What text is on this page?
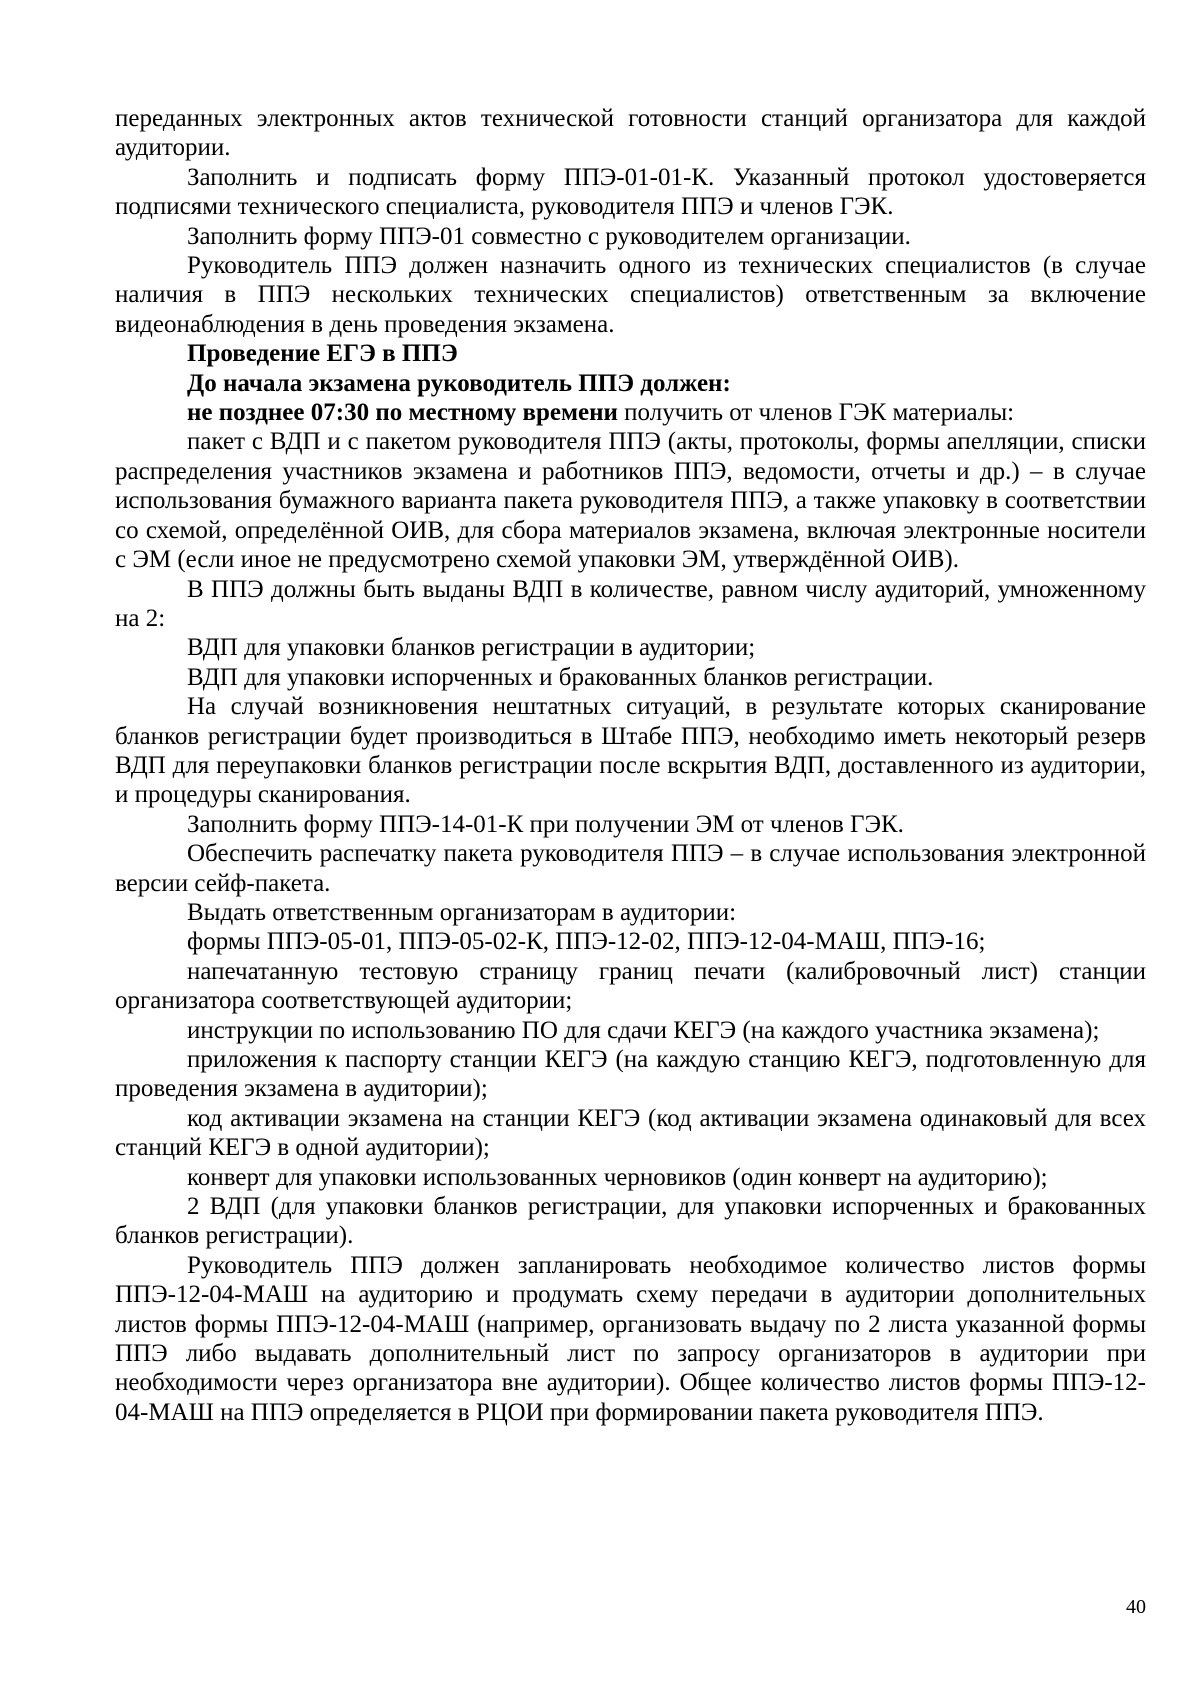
переданных электронных актов технической готовности станций организатора для каждой аудитории.

Заполнить и подписать форму ППЭ-01-01-К. Указанный протокол удостоверяется подписями технического специалиста, руководителя ППЭ и членов ГЭК.

Заполнить форму ППЭ-01 совместно с руководителем организации.

Руководитель ППЭ должен назначить одного из технических специалистов (в случае наличия в ППЭ нескольких технических специалистов) ответственным за включение видеонаблюдения в день проведения экзамена.

Проведение ЕГЭ в ППЭ

До начала экзамена руководитель ППЭ должен:

не позднее 07:30 по местному времени получить от членов ГЭК материалы:

пакет с ВДП и с пакетом руководителя ППЭ (акты, протоколы, формы апелляции, списки распределения участников экзамена и работников ППЭ, ведомости, отчеты и др.) – в случае использования бумажного варианта пакета руководителя ППЭ, а также упаковку в соответствии со схемой, определённой ОИВ, для сбора материалов экзамена, включая электронные носители с ЭМ (если иное не предусмотрено схемой упаковки ЭМ, утверждённой ОИВ).

В ППЭ должны быть выданы ВДП в количестве, равном числу аудиторий, умноженному на 2:

ВДП для упаковки бланков регистрации в аудитории;

ВДП для упаковки испорченных и бракованных бланков регистрации.

На случай возникновения нештатных ситуаций, в результате которых сканирование бланков регистрации будет производиться в Штабе ППЭ, необходимо иметь некоторый резерв ВДП для переупаковки бланков регистрации после вскрытия ВДП, доставленного из аудитории, и процедуры сканирования.

Заполнить форму ППЭ-14-01-К при получении ЭМ от членов ГЭК.

Обеспечить распечатку пакета руководителя ППЭ – в случае использования электронной версии сейф-пакета.

Выдать ответственным организаторам в аудитории:

формы ППЭ-05-01, ППЭ-05-02-К, ППЭ-12-02, ППЭ-12-04-МАШ, ППЭ-16;

напечатанную тестовую страницу границ печати (калибровочный лист) станции организатора соответствующей аудитории;

инструкции по использованию ПО для сдачи КЕГЭ (на каждого участника экзамена);

приложения к паспорту станции КЕГЭ (на каждую станцию КЕГЭ, подготовленную для проведения экзамена в аудитории);

код активации экзамена на станции КЕГЭ (код активации экзамена одинаковый для всех станций КЕГЭ в одной аудитории);

конверт для упаковки использованных черновиков (один конверт на аудиторию);

2 ВДП (для упаковки бланков регистрации, для упаковки испорченных и бракованных бланков регистрации).

Руководитель ППЭ должен запланировать необходимое количество листов формы ППЭ-12-04-МАШ на аудиторию и продумать схему передачи в аудитории дополнительных листов формы ППЭ-12-04-МАШ (например, организовать выдачу по 2 листа указанной формы ППЭ либо выдавать дополнительный лист по запросу организаторов в аудитории при необходимости через организатора вне аудитории). Общее количество листов формы ППЭ-12-04-МАШ на ППЭ определяется в РЦОИ при формировании пакета руководителя ППЭ.

40
